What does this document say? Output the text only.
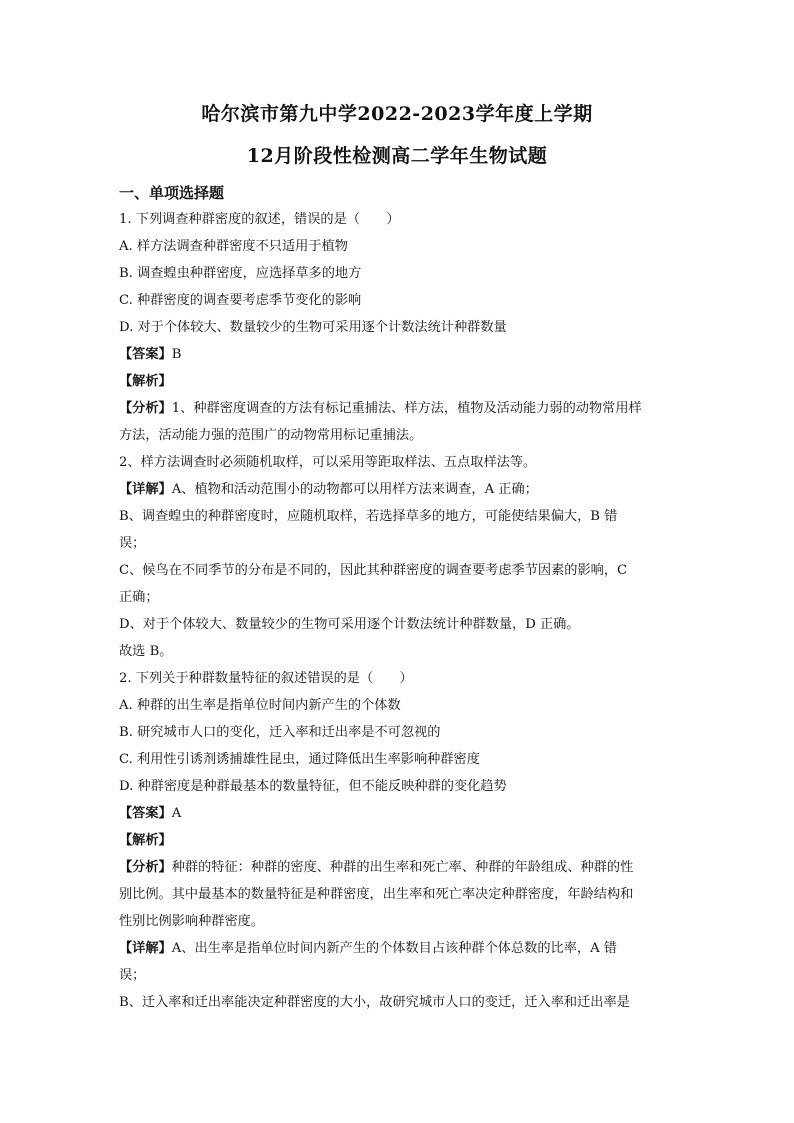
哈尔滨市第九中学2022-2023学年度上学期
12月阶段性检测高二学年生物试题
一、单项选择题
1. 下列调查种群密度的叙述，错误的是（　　）
A. 样方法调查种群密度不只适用于植物
B. 调查蝗虫种群密度，应选择草多的地方
C. 种群密度的调查要考虑季节变化的影响
D. 对于个体较大、数量较少的生物可采用逐个计数法统计种群数量
【答案】B
【解析】
【分析】1、种群密度调查的方法有标记重捕法、样方法，植物及活动能力弱的动物常用样
方法，活动能力强的范围广的动物常用标记重捕法。
2、样方法调查时必须随机取样，可以采用等距取样法、五点取样法等。
【详解】A、植物和活动范围小的动物都可以用样方法来调查，A 正确；
B、调查蝗虫的种群密度时，应随机取样，若选择草多的地方，可能使结果偏大，B 错
误；
C、候鸟在不同季节的分布是不同的，因此其种群密度的调查要考虑季节因素的影响，C
正确；
D、对于个体较大、数量较少的生物可采用逐个计数法统计种群数量，D 正确。
故选 B。
2. 下列关于种群数量特征的叙述错误的是（　　）
A. 种群的出生率是指单位时间内新产生的个体数
B. 研究城市人口的变化，迁入率和迁出率是不可忽视的
C. 利用性引诱剂诱捕雄性昆虫，通过降低出生率影响种群密度
D. 种群密度是种群最基本的数量特征，但不能反映种群的变化趋势
【答案】A
【解析】
【分析】种群的特征：种群的密度、种群的出生率和死亡率、种群的年龄组成、种群的性
别比例。其中最基本的数量特征是种群密度，出生率和死亡率决定种群密度，年龄结构和
性别比例影响种群密度。
【详解】A、出生率是指单位时间内新产生的个体数目占该种群个体总数的比率，A 错
误；
B、迁入率和迁出率能决定种群密度的大小，故研究城市人口的变迁，迁入率和迁出率是
